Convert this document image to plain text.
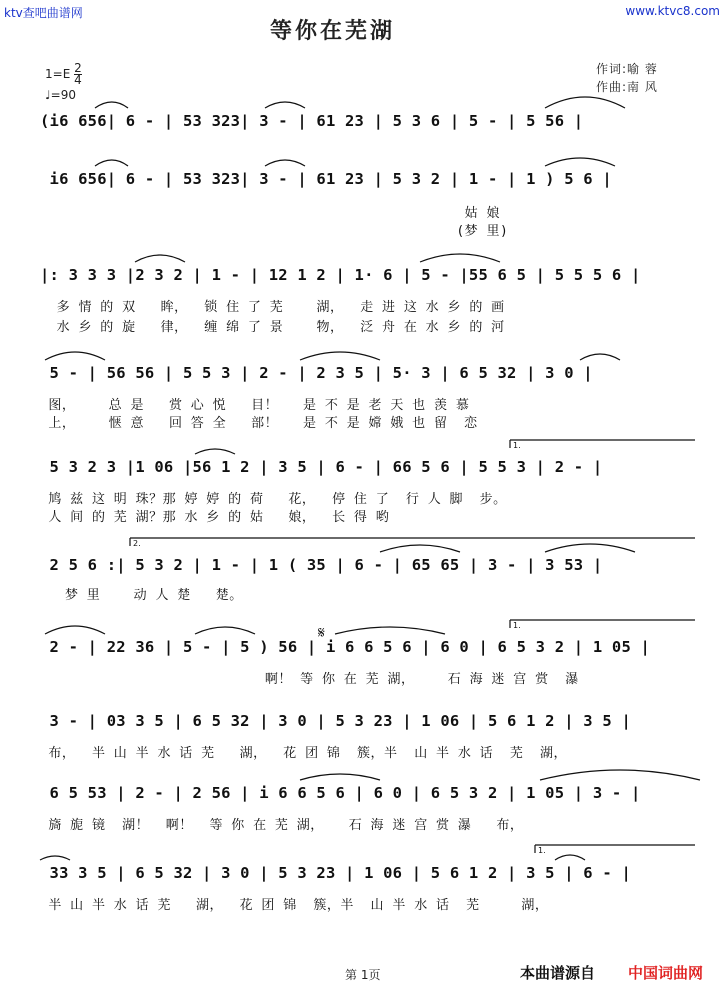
ktv查吧曲谱网	www.ktvc8.com
等你在芜湖
$1=E \frac{2}{4}$
♩=90
作词:喻 蓉
作曲:南 风
(i6 656| 6 - | 53 323| 3 - | 61 23 | 5 3 6 | 5 - | 5 56 |
i6 656| 6 - | 53 323| 3 - | 61 23 | 5 3 2 | 1 - | 1 ) 5 6 |
姑 娘
(梦 里)
|: 3 3 3 |2 3 2 | 1 - | 12 1 2 | 1· 6 | 5 - |55 6 5 | 5 5 5 6 |
多 情 的 双   眸，  锁 住 了 芜    湖，  走 进 这 水 乡 的 画
水 乡 的 旋   律，  缠 绵 了 景    物，  泛 舟 在 水 乡 的 河
5 - | 56 56 | 5 5 3 | 2 - | 2 3 5 | 5· 3 | 6 5 32 | 3 0 |
图，    总 是   赏 心 悦   目！   是 不 是 老 天 也 羡 慕
上，    惬 意   回 答 全   部！   是 不 是 嫦 娥 也 留  恋
5 3 2 3 |1 06 |56 1 2 | 3 5 | 6 - | 66 5 6 | 5 5 3 | 2 - |
鸠 兹 这 明 珠？那 婷 婷 的 荷   花，  停 住 了  行 人 脚  步。
人 间 的 芜 湖？那 水 乡 的 姑   娘，  长 得 哟
2 5 6 :| 5 3 2 | 1 - | 1 ( 35 | 6 - | 65 65 | 3 - | 3 53 |
梦 里    动 人 楚   楚。
2 - | 22 36 | 5 - | 5 ) 56 | i 6 6 5 6 | 6 0 | 6 5 3 2 | 1 05 |
啊！ 等 你 在 芜 湖，    石 海 迷 宫 赏  瀑
3 - | 03 3 5 | 6 5 32 | 3 0 | 5 3 23 | 1 06 | 5 6 1 2 | 3 5 |
布，  半 山 半 水 话 芜   湖，  花 团 锦  簇，半  山 半 水 话  芜  湖，
6 5 53 | 2 - | 2 56 | i 6 6 5 6 | 6 0 | 6 5 3 2 | 1 05 | 3 - |
旖 旎 镜  湖！  啊！  等 你 在 芜 湖，   石 海 迷 宫 赏 瀑   布，
33 3 5 | 6 5 32 | 3 0 | 5 3 23 | 1 06 | 5 6 1 2 | 3 5 | 6 - |
半 山 半 水 话 芜   湖，  花 团 锦  簇，半  山 半 水 话  芜     湖，
1.
2.
1.
1.
𝄋
第 1页	本曲谱源自 中国词曲网
